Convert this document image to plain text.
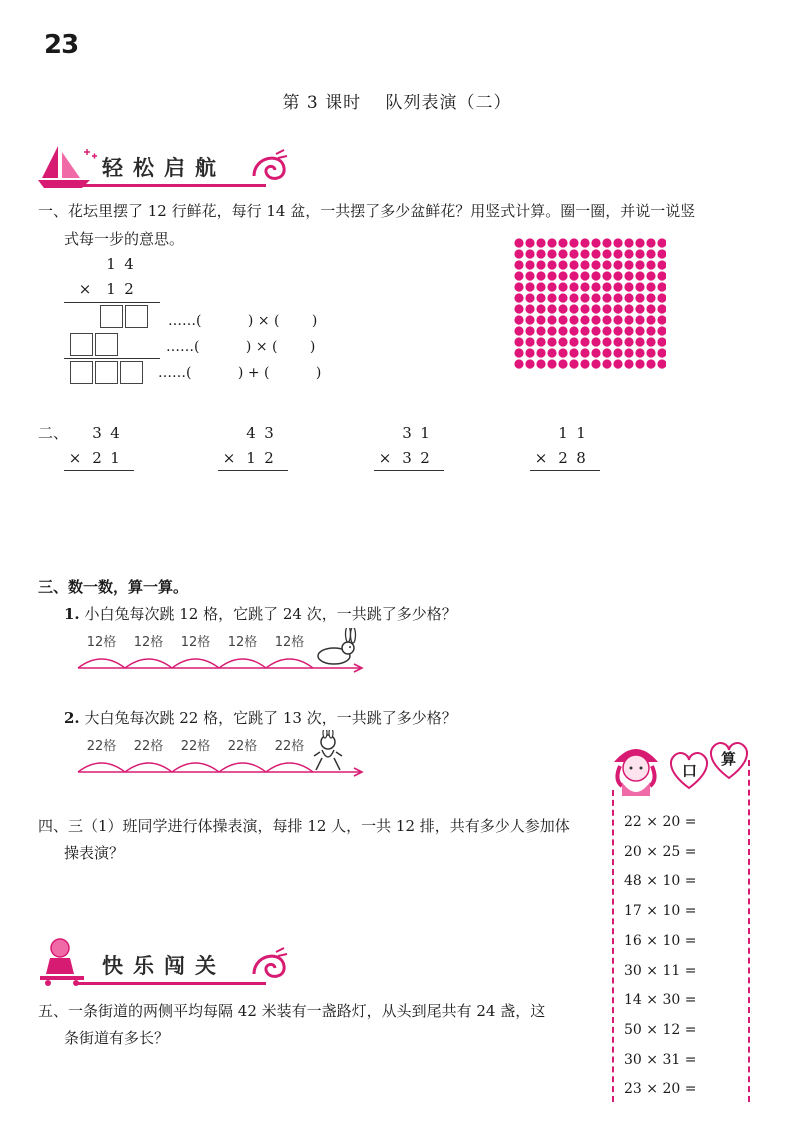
23
第 3 课时　 队列表演（二）
轻松启航
一、花坛里摆了 12 行鲜花，每行 14 盆，一共摆了多少盆鲜花？用竖式计算。圈一圈，并说一说竖
式每一步的意思。
1 4
× 1 2
……(　　　 ) × (　　 )
……(　　　 ) × (　　 )
……(　　　 ) + (　　　 )
二、 3 4
× 2 1
4 3
× 1 2
3 1
× 3 2
1 1
× 2 8
三、数一数，算一算。
1. 小白兔每次跳 12 格，它跳了 24 次，一共跳了多少格？
12格 12格 12格 12格 12格
2. 大白兔每次跳 22 格，它跳了 13 次，一共跳了多少格？
22格 22格 22格 22格 22格
四、三（1）班同学进行体操表演，每排 12 人，一共 12 排，共有多少人参加体
操表演？
快乐闯关
五、一条街道的两侧平均每隔 42 米装有一盏路灯，从头到尾共有 24 盏，这
条街道有多长？
口
算
22 × 20 =
20 × 25 =
48 × 10 =
17 × 10 =
16 × 10 =
30 × 11 =
14 × 30 =
50 × 12 =
30 × 31 =
23 × 20 =
